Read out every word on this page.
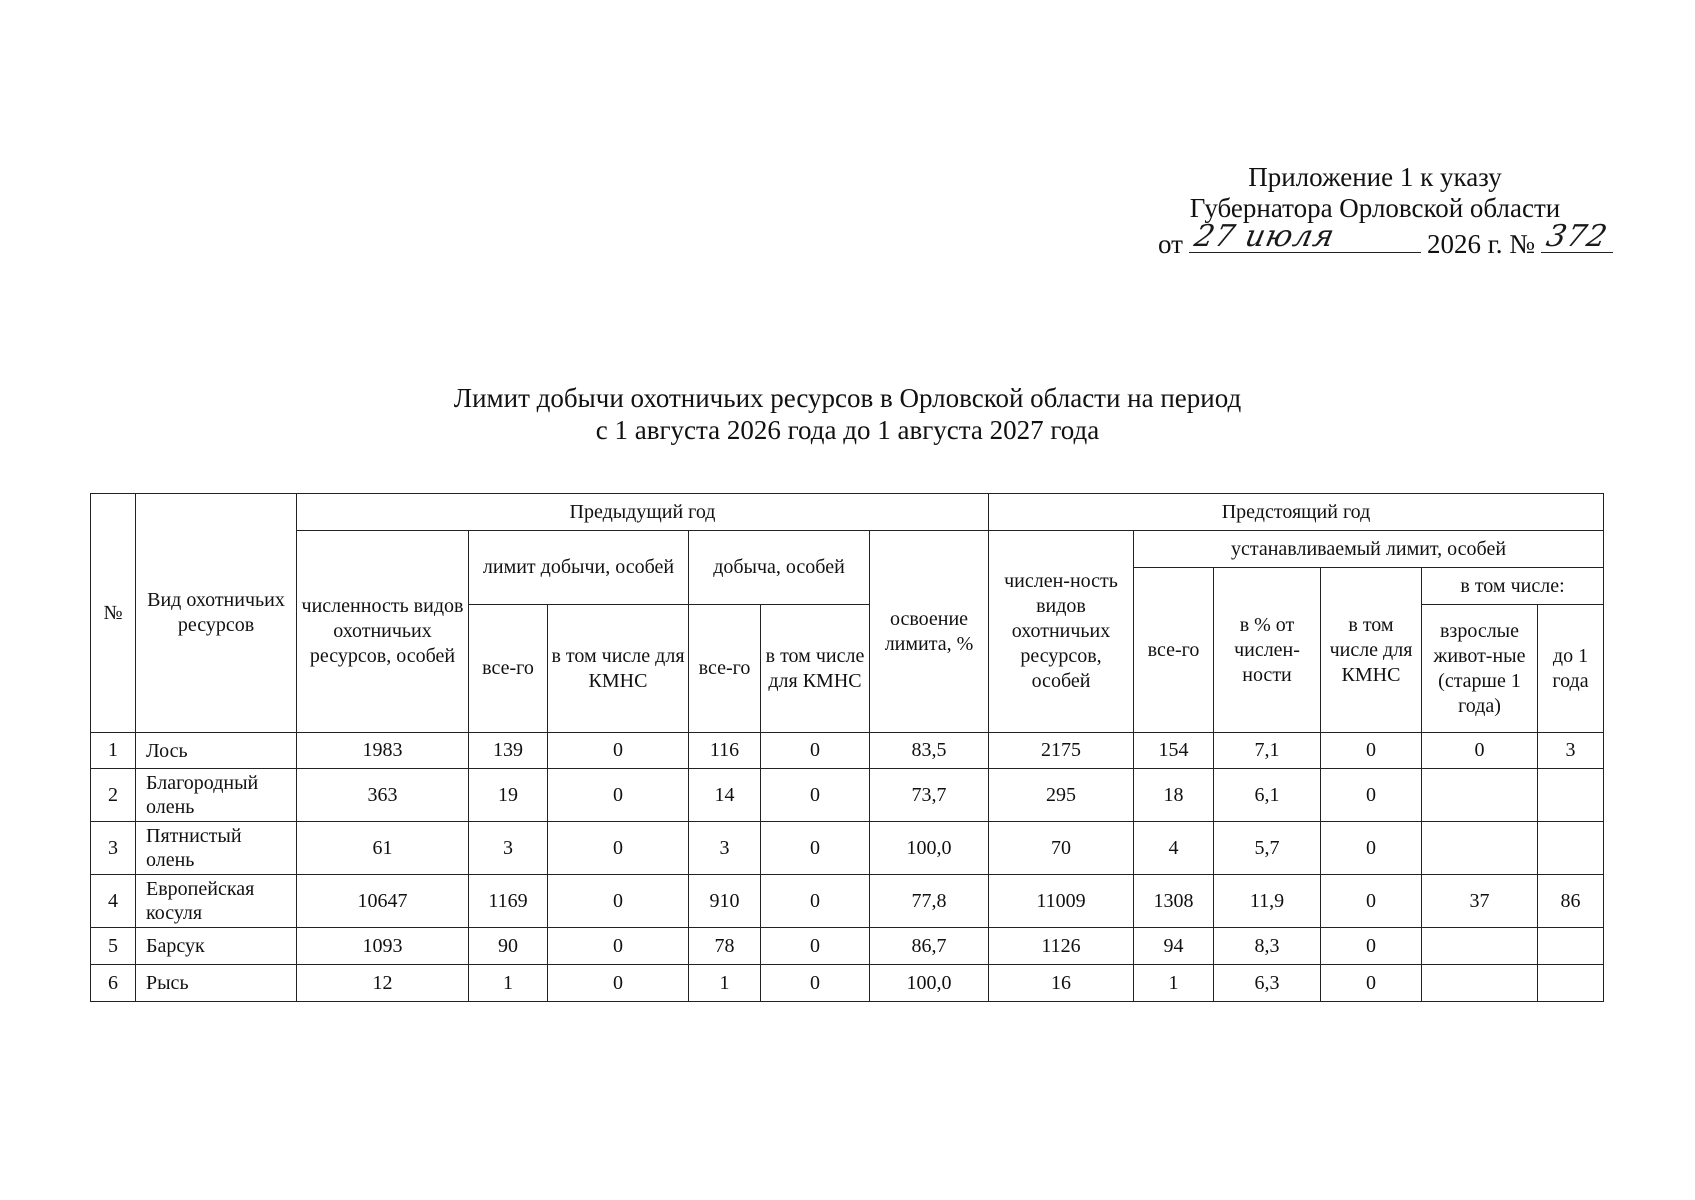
Приложение 1 к указу
Губернатора Орловской области
от 27 июля	2026 г. № 372
Лимит добычи охотничьих ресурсов в Орловской области на период
с 1 августа 2026 года до 1 августа 2027 года
№	Вид охотничьих ресурсов	Предыдущий год						Предстоящий год					
		численность видов охотничьих ресурсов, особей	лимит добычи, особей		добыча, особей		освоение лимита, %	числен-ность видов охотничьих ресурсов, особей	устанавливаемый лимит, особей				
									все-го	в % от числен-ности	в том числе для КМНС	в том числе:	
			все-го	в том числе для КМНС	все-го	в том числе для КМНС						взрослые живот-ные (старше 1 года)	до 1 года
1	Лось	1983	139	0	116	0	83,5	2175	154	7,1	0	0	3
2	Благородный олень	363	19	0	14	0	73,7	295	18	6,1	0		
3	Пятнистый олень	61	3	0	3	0	100,0	70	4	5,7	0		
4	Европейская косуля	10647	1169	0	910	0	77,8	11009	1308	11,9	0	37	86
5	Барсук	1093	90	0	78	0	86,7	1126	94	8,3	0		
6	Рысь	12	1	0	1	0	100,0	16	1	6,3	0		
